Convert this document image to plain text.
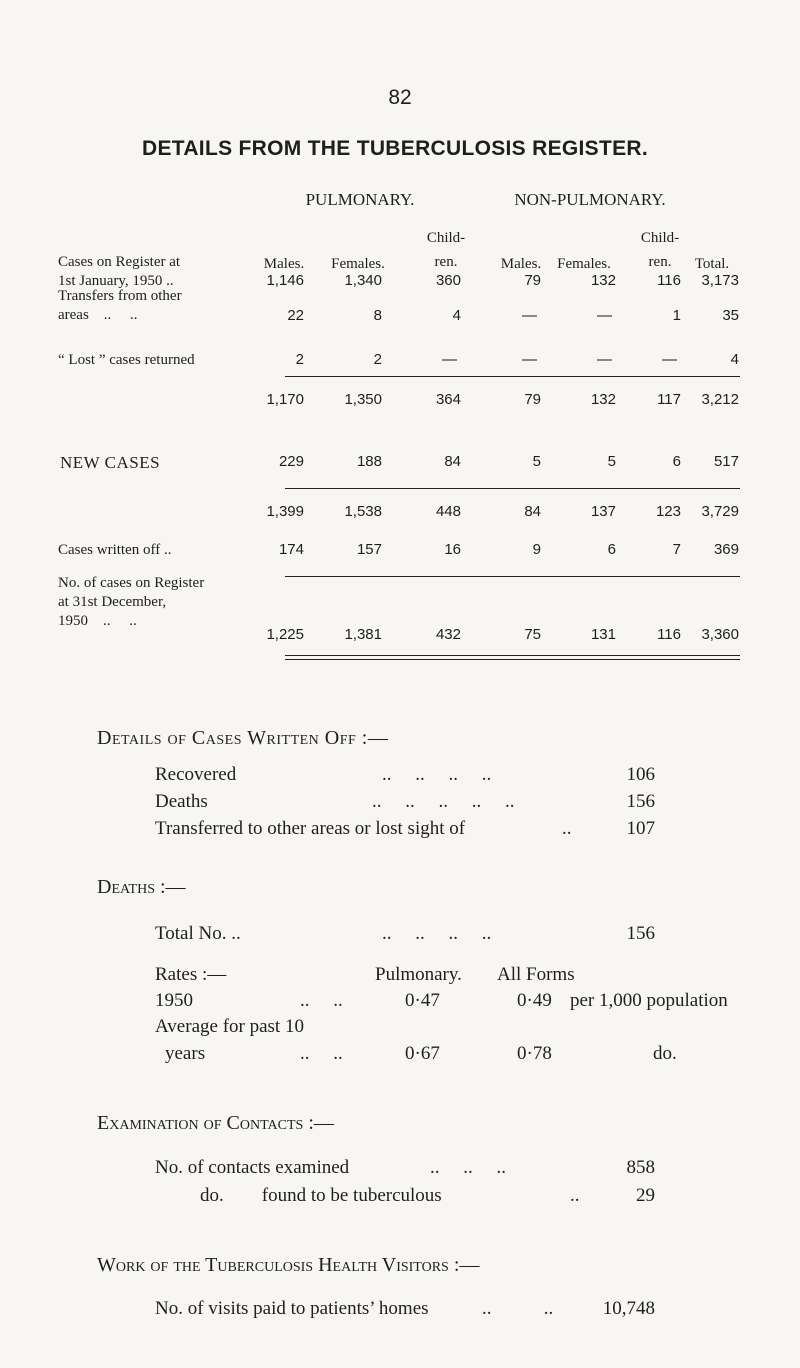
82
DETAILS FROM THE TUBERCULOSIS REGISTER.
PULMONARY.	NON-PULMONARY.
Males.	Females.
Child-
ren.	Males.	Females.
Child-
ren.	Total.
Cases on Register at
1st January, 1950 ..	1,146	1,340	360	79	132	116	3,173
Transfers from other
areas    ..     ..	22	8	4	—	—	1	35
“ Lost ” cases returned	2	2	—	—	—	—	4
1,170	1,350	364	79	132	117	3,212
NEW CASES	229	188	84	5	5	6	517
1,399	1,538	448	84	137	123	3,729
Cases written off ..	174	157	16	9	6	7	369
No. of cases on Register
at 31st December,
1950    ..     ..
1,225	1,381	432	75	131	116	3,360
Details of Cases Written Off :—
Recovered	..     ..     ..     ..	106
Deaths	..     ..     ..     ..     ..	156
Transferred to other areas or lost sight of	..	107
Deaths :—
Total No. ..	..     ..     ..     ..	156
Rates :—	Pulmonary. All Forms
1950	..     ..	0·47	0·49 per 1,000 population
Average for past 10
years	..     ..	0·67	0·78	do.
Examination of Contacts :—
No. of contacts examined	..     ..     ..	858
do.        found to be tuberculous	..	29
Work of the Tuberculosis Health Visitors :—
No. of visits paid to patients’ homes	..           ..	10,748
